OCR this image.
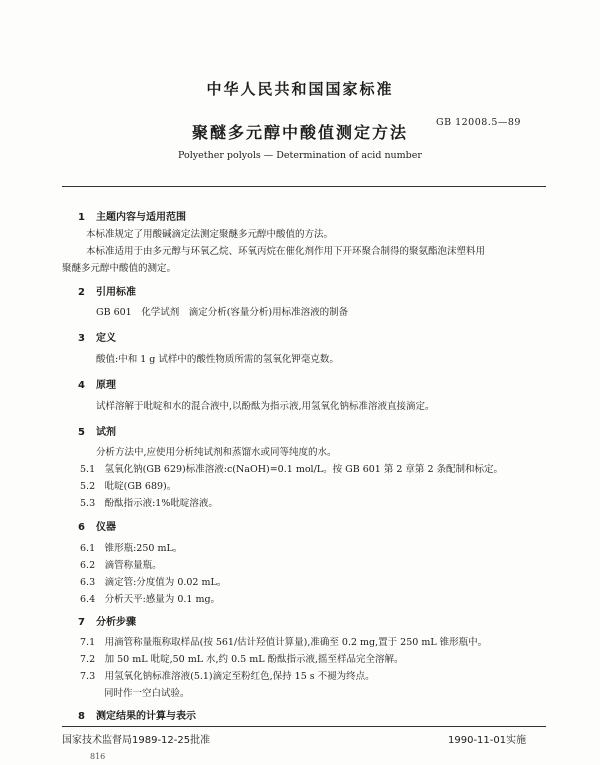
中华人民共和国国家标准
聚醚多元醇中酸值测定方法
GB 12008.5—89
Polyether polyols — Determination of acid number
1 主题内容与适用范围
本标准规定了用酸碱滴定法测定聚醚多元醇中酸值的方法。
本标准适用于由多元醇与环氧乙烷、环氧丙烷在催化剂作用下开环聚合制得的聚氨酯泡沫塑料用
聚醚多元醇中酸值的测定。
2 引用标准
GB 601　化学试剂　滴定分析(容量分析)用标准溶液的制备
3 定义
酸值:中和 1 g 试样中的酸性物质所需的氢氧化钾毫克数。
4 原理
试样溶解于吡啶和水的混合液中,以酚酞为指示液,用氢氧化钠标准溶液直接滴定。
5 试剂
分析方法中,应使用分析纯试剂和蒸馏水或同等纯度的水。
5.1　氢氧化钠(GB 629)标准溶液:c(NaOH)=0.1 mol/L。按 GB 601 第 2 章第 2 条配制和标定。
5.2　吡啶(GB 689)。
5.3　酚酞指示液:1%吡啶溶液。
6 仪器
6.1　锥形瓶:250 mL。
6.2　滴管称量瓶。
6.3　滴定管:分度值为 0.02 mL。
6.4　分析天平:感量为 0.1 mg。
7 分析步骤
7.1　用滴管称量瓶称取样品(按 561/估计羟值计算量),准确至 0.2 mg,置于 250 mL 锥形瓶中。
7.2　加 50 mL 吡啶,50 mL 水,约 0.5 mL 酚酞指示液,摇至样品完全溶解。
7.3　用氢氧化钠标准溶液(5.1)滴定至粉红色,保持 15 s 不褪为终点。
同时作一空白试验。
8 测定结果的计算与表示
国家技术监督局1989-12-25批准	1990-11-01实施
816
